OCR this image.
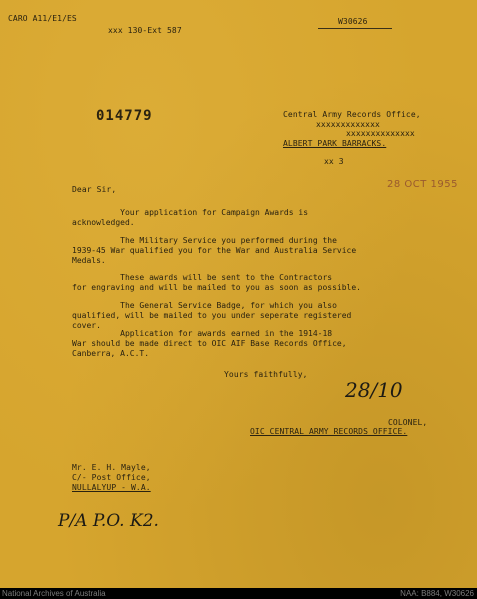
CARO A11/E1/ES
xxx 130-Ext 587
W30626
014779	Central Army Records Office,
xxxxxxxxxxxxx
xxxxxxxxxxxxxx
ALBERT PARK BARRACKS.
xx 3
28 OCT 1955
Dear Sir,
Your application for Campaign Awards is
acknowledged.
The Military Service you performed during the
1939-45 War qualified you for the War and Australia Service
Medals.
These awards will be sent to the Contractors
for engraving and will be mailed to you as soon as possible.
The General Service Badge, for which you also
qualified, will be mailed to you under seperate registered
cover.
Application for awards earned in the 1914-18
War should be made direct to OIC AIF Base Records Office,
Canberra, A.C.T.
Yours faithfully,
28/10
COLONEL,
OIC CENTRAL ARMY RECORDS OFFICE.
Mr. E. H. Mayle,
C/- Post Office,
NULLALYUP - W.A.
P/A P.O. K2.
National Archives of Australia	NAA: B884, W30626
